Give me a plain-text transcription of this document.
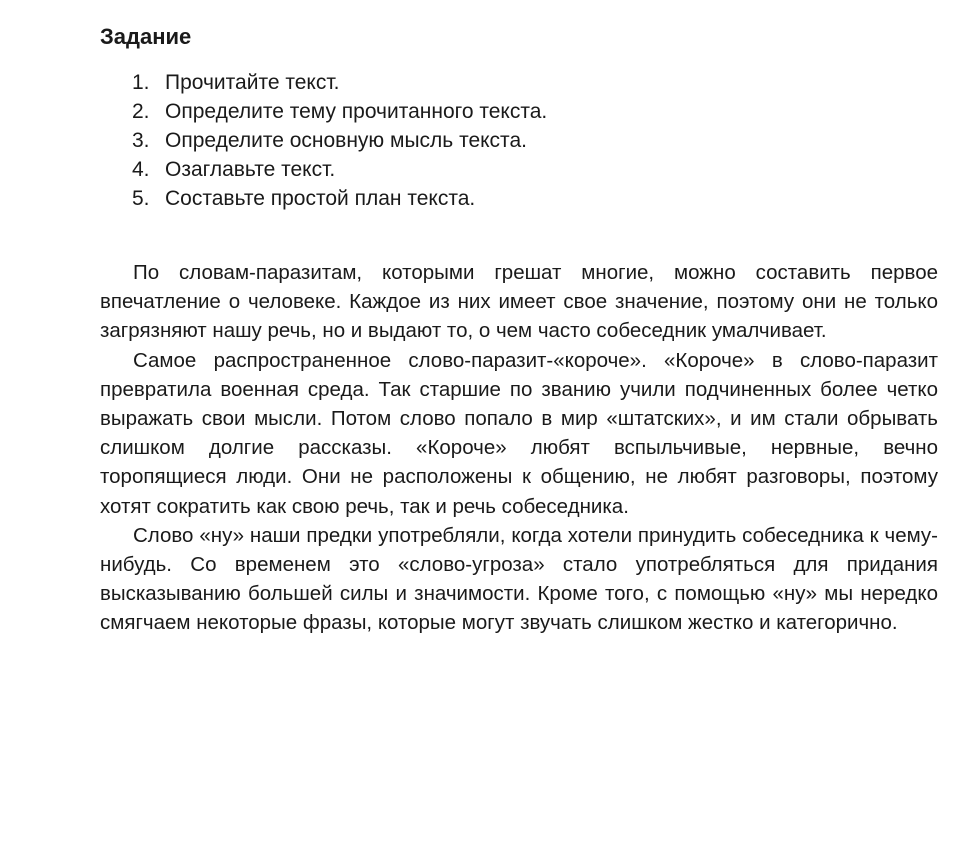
Задание
1. Прочитайте текст.
2. Определите тему прочитанного текста.
3. Определите основную мысль текста.
4. Озаглавьте текст.
5. Составьте простой план текста.

По словам-паразитам, которыми грешат многие, можно составить первое впечатление о человеке. Каждое из них имеет свое значение, поэтому они не только загрязняют нашу речь, но и выдают то, о чем часто собеседник умалчивает.

Самое распространенное слово-паразит-«короче». «Короче» в слово-паразит превратила военная среда. Так старшие по званию учили подчиненных более четко выражать свои мысли. Потом слово попало в мир «штатских», и им стали обрывать слишком долгие рассказы. «Короче» любят вспыльчивые, нервные, вечно торопящиеся люди. Они не расположены к общению, не любят разговоры, поэтому хотят сократить как свою речь, так и речь собеседника.

Слово «ну» наши предки употребляли, когда хотели принудить собеседника к чему-нибудь. Со временем это «слово-угроза» стало употребляться для придания высказыванию большей силы и значимости. Кроме того, с помощью «ну» мы нередко смягчаем некоторые фразы, которые могут звучать слишком жестко и категорично.
